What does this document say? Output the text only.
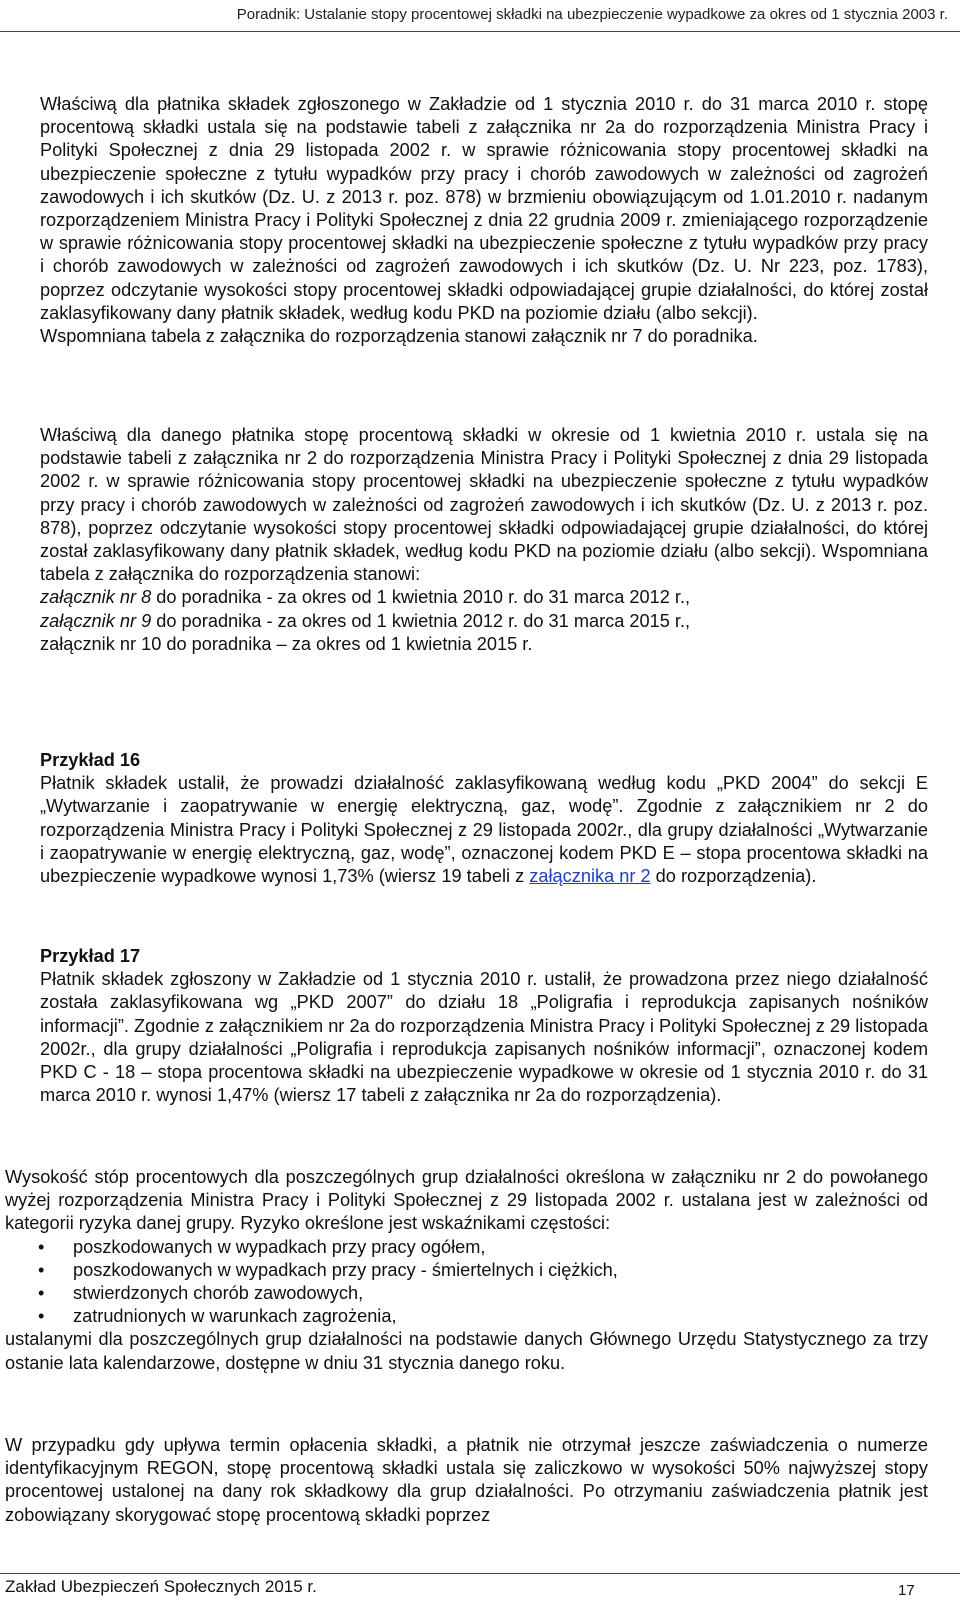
Poradnik: Ustalanie stopy procentowej składki na ubezpieczenie wypadkowe za okres od 1 stycznia 2003 r.
Właściwą dla płatnika składek zgłoszonego w Zakładzie od 1 stycznia 2010 r. do 31 marca 2010 r. stopę procentową składki ustala się na podstawie tabeli z załącznika nr 2a do rozporządzenia Ministra Pracy i Polityki Społecznej z dnia 29 listopada 2002 r. w sprawie różnicowania stopy procentowej składki na ubezpieczenie społeczne z tytułu wypadków przy pracy i chorób zawodowych w zależności od zagrożeń zawodowych i ich skutków (Dz. U. z 2013 r. poz. 878) w brzmieniu obowiązującym od 1.01.2010 r. nadanym rozporządzeniem Ministra Pracy i Polityki Społecznej z dnia 22 grudnia 2009 r. zmieniającego rozporządzenie w sprawie różnicowania stopy procentowej składki na ubezpieczenie społeczne z tytułu wypadków przy pracy i chorób zawodowych w zależności od zagrożeń zawodowych i ich skutków (Dz. U. Nr 223, poz. 1783), poprzez odczytanie wysokości stopy procentowej składki odpowiadającej grupie działalności, do której został zaklasyfikowany dany płatnik składek, według kodu PKD na poziomie działu (albo sekcji).
Wspomniana tabela z załącznika do rozporządzenia stanowi załącznik nr 7 do poradnika.
Właściwą dla danego płatnika stopę procentową składki w okresie od 1 kwietnia 2010 r. ustala się na podstawie tabeli z załącznika nr 2 do rozporządzenia Ministra Pracy i Polityki Społecznej z dnia 29 listopada 2002 r. w sprawie różnicowania stopy procentowej składki na ubezpieczenie społeczne z tytułu wypadków przy pracy i chorób zawodowych w zależności od zagrożeń zawodowych i ich skutków (Dz. U. z 2013 r. poz. 878), poprzez odczytanie wysokości stopy procentowej składki odpowiadającej grupie działalności, do której został zaklasyfikowany dany płatnik składek, według kodu PKD na poziomie działu (albo sekcji). Wspomniana tabela z załącznika do rozporządzenia stanowi:
załącznik nr 8 do poradnika - za okres od 1 kwietnia 2010 r. do 31 marca 2012 r.,
załącznik nr 9 do poradnika - za okres od 1 kwietnia 2012 r. do 31 marca 2015 r.,
załącznik nr 10 do poradnika – za okres od 1 kwietnia 2015 r.
Przykład 16
Płatnik składek ustalił, że prowadzi działalność zaklasyfikowaną według kodu „PKD 2004” do sekcji E „Wytwarzanie i zaopatrywanie w energię elektryczną, gaz, wodę”. Zgodnie z załącznikiem nr 2 do rozporządzenia Ministra Pracy i Polityki Społecznej z 29 listopada 2002r., dla grupy działalności „Wytwarzanie i zaopatrywanie w energię elektryczną, gaz, wodę”, oznaczonej kodem PKD E – stopa procentowa składki na ubezpieczenie wypadkowe wynosi 1,73% (wiersz 19 tabeli z załącznika nr 2 do rozporządzenia).
Przykład 17
Płatnik składek zgłoszony w Zakładzie od 1 stycznia 2010 r. ustalił, że prowadzona przez niego działalność została zaklasyfikowana wg „PKD 2007” do działu 18 „Poligrafia i reprodukcja zapisanych nośników informacji”. Zgodnie z załącznikiem nr 2a do rozporządzenia Ministra Pracy i Polityki Społecznej z 29 listopada 2002r., dla grupy działalności „Poligrafia i reprodukcja zapisanych nośników informacji”, oznaczonej kodem PKD C - 18 – stopa procentowa składki na ubezpieczenie wypadkowe w okresie od 1 stycznia 2010 r. do 31 marca 2010 r. wynosi 1,47% (wiersz 17 tabeli z załącznika nr 2a do rozporządzenia).
Wysokość stóp procentowych dla poszczególnych grup działalności określona w załączniku nr 2 do powołanego wyżej rozporządzenia Ministra Pracy i Polityki Społecznej z 29 listopada 2002 r. ustalana jest w zależności od kategorii ryzyka danej grupy. Ryzyko określone jest wskaźnikami częstości:
• poszkodowanych w wypadkach przy pracy ogółem,
• poszkodowanych w wypadkach przy pracy - śmiertelnych i ciężkich,
• stwierdzonych chorób zawodowych,
• zatrudnionych w warunkach zagrożenia,
ustalanymi dla poszczególnych grup działalności na podstawie danych Głównego Urzędu Statystycznego za trzy ostanie lata kalendarzowe, dostępne w dniu 31 stycznia danego roku.
W przypadku gdy upływa termin opłacenia składki, a płatnik nie otrzymał jeszcze zaświadczenia o numerze identyfikacyjnym REGON, stopę procentową składki ustala się zaliczkowo w wysokości 50% najwyższej stopy procentowej ustalonej na dany rok składkowy dla grup działalności. Po otrzymaniu zaświadczenia płatnik jest zobowiązany skorygować stopę procentową składki poprzez
Zakład Ubezpieczeń Społecznych 2015 r.	17
